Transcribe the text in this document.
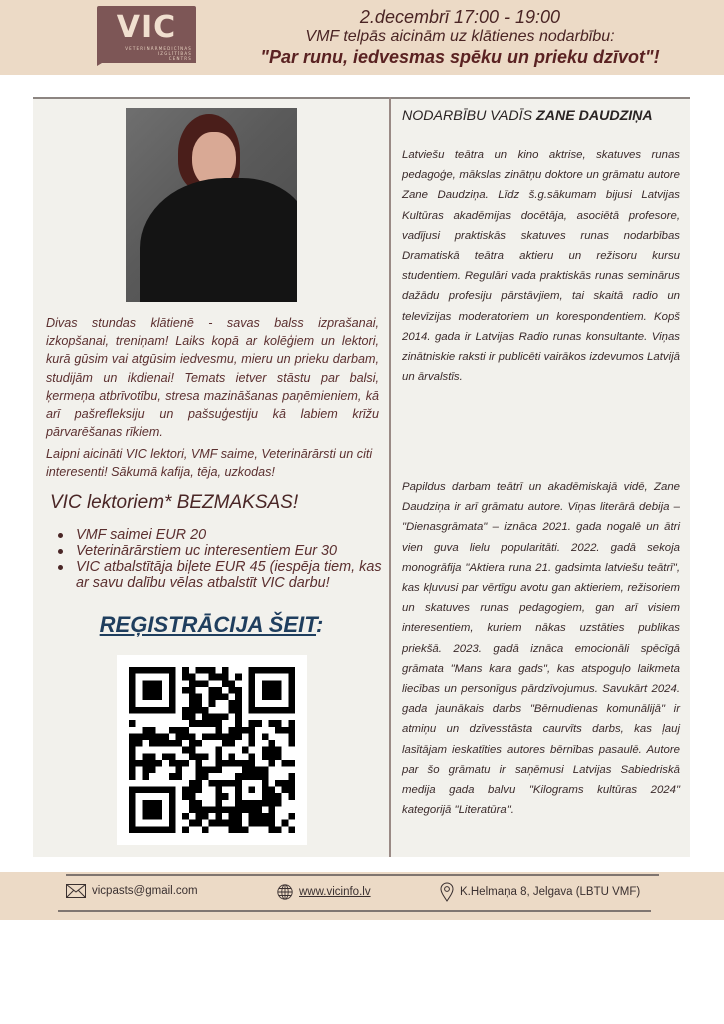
VIC
VETERINĀRMEDICĪNAS
IZGLĪTĪBAS
CENTRS
2.decembrī 17:00 - 19:00
VMF telpās aicinām uz klātienes nodarbību:
"Par runu, iedvesmas spēku un prieku dzīvot"!

Divas stundas klātienē - savas balss izprašanai, izkopšanai, treniņam! Laiks kopā ar kolēģiem un lektori, kurā gūsim vai atgūsim iedvesmu, mieru un prieku darbam, studijām un ikdienai! Temats ietver stāstu par balsi, ķermeņa atbrīvotību, stresa mazināšanas paņēmieniem, kā arī pašrefleksiju un pašsuģestiju kā labiem krīžu pārvarēšanas rīkiem.

Laipni aicināti VIC lektori, VMF saime, Veterinārārsti un citi interesenti! Sākumā kafija, tēja, uzkodas!

VIC lektoriem* BEZMAKSAS!
VMF saimei EUR 20
Veterinārārstiem uc interesentiem Eur 30
VIC atbalstītāja biļete EUR 45 (iespēja tiem, kas ar savu dalību vēlas atbalstīt VIC darbu!
REĢISTRĀCIJA ŠEIT:
NODARBĪBU VADĪS ZANE DAUDZIŅA

Latviešu teātra un kino aktrise, skatuves runas pedagoģe, mākslas zinātņu doktore un grāmatu autore Zane Daudziņa. Līdz š.g.sākumam bijusi Latvijas Kultūras akadēmijas docētāja, asociētā profesore, vadījusi praktiskās skatuves runas nodarbības Dramatiskā teātra aktieru un režisoru kursu studentiem. Regulāri vada praktiskās runas seminārus dažādu profesiju pārstāvjiem, tai skaitā radio un televīzijas moderatoriem un korespondentiem. Kopš 2014. gada ir Latvijas Radio runas konsultante. Viņas zinātniskie raksti ir publicēti vairākos izdevumos Latvijā un ārvalstīs.

Papildus darbam teātrī un akadēmiskajā vidē, Zane Daudziņa ir arī grāmatu autore. Viņas literārā debija – "Dienasgrāmata" – iznāca 2021. gada nogalē un ātri vien guva lielu popularitāti. 2022. gadā sekoja monogrāfija "Aktiera runa 21. gadsimta latviešu teātrī", kas kļuvusi par vērtīgu avotu gan aktieriem, režisoriem un skatuves runas pedagogiem, gan arī visiem interesentiem, kuriem nākas uzstāties publikas priekšā. 2023. gadā iznāca emocionāli spēcīgā grāmata "Mans kara gads", kas atspoguļo laikmeta liecības un personīgus pārdzīvojumus. Savukārt 2024. gada jaunākais darbs "Bērnudienas komunālijā" ir atmiņu un dzīvesstāsta caurvīts darbs, kas ļauj lasītājam ieskatīties autores bērnības pasaulē. Autore par šo grāmatu ir saņēmusi Latvijas Sabiedriskā medija gada balvu "Kilograms kultūras 2024" kategorijā "Literatūra".

vicpasts@gmail.com	www.vicinfo.lv	K.Helmaņa 8, Jelgava (LBTU VMF)
